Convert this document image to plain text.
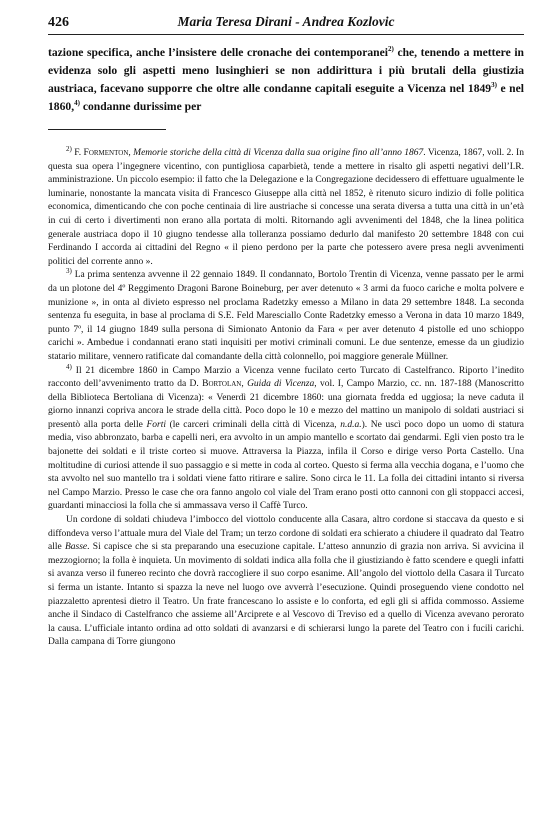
426	Maria Teresa Dirani - Andrea Kozlovic

tazione specifica, anche l’insistere delle cronache dei contemporanei$^{2)}$ che, tenendo a mettere in evidenza solo gli aspetti meno lusinghieri se non addirittura i più brutali della giustizia austriaca, facevano supporre che oltre alle condanne capitali eseguite a Vicenza nel 1849$^{3)}$ e nel 1860,$^{4)}$ condanne durissime per

$^{2)}$ F. Formenton, Memorie storiche della città di Vicenza dalla sua origine fino all’anno 1867. Vicenza, 1867, voll. 2. In questa sua opera l’ingegnere vicentino, con puntigliosa caparbietà, tende a mettere in risalto gli aspetti negativi dell’I.R. amministrazione. Un piccolo esempio: il fatto che la Delegazione e la Congregazione decidessero di effettuare ugualmente le luminarie, nonostante la mancata visita di Francesco Giuseppe alla città nel 1852, è ritenuto sicuro indizio di folle politica economica, dimenticando che con poche centinaia di lire austriache si concesse una serata diversa a tutta una città in un’età in cui di certo i divertimenti non erano alla portata di molti. Ritornando agli avvenimenti del 1848, che la linea politica generale austriaca dopo il 10 giugno tendesse alla tolleranza possiamo dedurlo dal manifesto 20 settembre 1848 con cui Ferdinando I accorda ai cittadini del Regno « il pieno perdono per la parte che potessero avere presa negli avvenimenti politici del corrente anno ».

$^{3)}$ La prima sentenza avvenne il 22 gennaio 1849. Il condannato, Bortolo Trentin di Vicenza, venne passato per le armi da un plotone del 4º Reggimento Dragoni Barone Boineburg, per aver detenuto « 3 armi da fuoco cariche e molta polvere e munizione », in onta al divieto espresso nel proclama Radetzky emesso a Milano in data 29 settembre 1848. La seconda sentenza fu eseguita, in base al proclama di S.E. Feld Maresciallo Conte Radetzky emesso a Verona in data 10 marzo 1849, punto 7º, il 14 giugno 1849 sulla persona di Simionato Antonio da Fara « per aver detenuto 4 pistolle ed uno schioppo carichi ». Ambedue i condannati erano stati inquisiti per motivi criminali comuni. Le due sentenze, emesse da un giudizio statario militare, vennero ratificate dal comandante della città colonnello, poi maggiore generale Müllner.

$^{4)}$ Il 21 dicembre 1860 in Campo Marzio a Vicenza venne fucilato certo Turcato di Castelfranco. Riporto l’inedito racconto dell’avvenimento tratto da D. Bortolan, Guida di Vicenza, vol. I, Campo Marzio, cc. nn. 187-188 (Manoscritto della Biblioteca Bertoliana di Vicenza): « Venerdì 21 dicembre 1860: una giornata fredda ed uggiosa; la neve caduta il giorno innanzi copriva ancora le strade della città. Poco dopo le 10 e mezzo del mattino un manipolo di soldati austriaci si presentò alla porta delle Forti (le carceri criminali della città di Vicenza, n.d.a.). Ne uscì poco dopo un uomo di statura media, viso abbronzato, barba e capelli neri, era avvolto in un ampio mantello e scortato dai gendarmi. Egli vien posto tra le bajonette dei soldati e il triste corteo si muove. Attraversa la Piazza, infila il Corso e dirige verso Porta Castello. Una moltitudine di curiosi attende il suo passaggio e si mette in coda al corteo. Questo si ferma alla vecchia dogana, e l’uomo che sta avvolto nel suo mantello tra i soldati viene fatto ritirare e salire. Sono circa le 11. La folla dei cittadini intanto si riversa nel Campo Marzio. Presso le case che ora fanno angolo col viale del Tram erano posti otto cannoni con gli stoppacci accesi, guardanti minacciosi la folla che si ammassava verso il Caffè Turco.

Un cordone di soldati chiudeva l’imbocco del viottolo conducente alla Casara, altro cordone si staccava da questo e si diffondeva verso l’attuale mura del Viale del Tram; un terzo cordone di soldati era schierato a chiudere il quadrato dal Teatro alle Basse. Si capisce che si sta preparando una esecuzione capitale. L’atteso annunzio di grazia non arriva. Si avvicina il mezzogiorno; la folla è inquieta. Un movimento di soldati indica alla folla che il giustiziando è fatto scendere e quegli infatti si avanza verso il funereo recinto che dovrà raccogliere il suo corpo esanime. All’angolo del viottolo della Casara il Turcato si ferma un istante. Intanto si spazza la neve nel luogo ove avverrà l’esecuzione. Quindi proseguendo viene condotto nel piazzaletto aprentesi dietro il Teatro. Un frate francescano lo assiste e lo conforta, ed egli gli si affida commosso. Assieme anche il Sindaco di Castelfranco che assieme all’Arciprete e al Vescovo di Treviso ed a quello di Vicenza avevano perorato la causa. L’ufficiale intanto ordina ad otto soldati di avanzarsi e di schierarsi lungo la parete del Teatro con i fucili carichi. Dalla campana di Torre giungono
